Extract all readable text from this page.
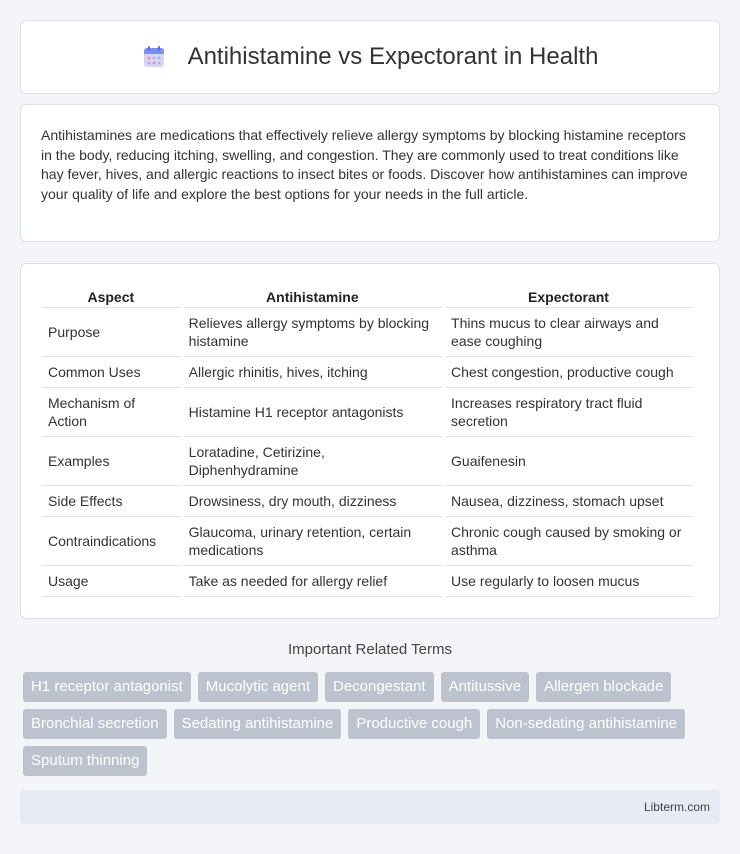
Antihistamine vs Expectorant in Health

Antihistamines are medications that effectively relieve allergy symptoms by blocking histamine receptors in the body, reducing itching, swelling, and congestion. They are commonly used to treat conditions like hay fever, hives, and allergic reactions to insect bites or foods. Discover how antihistamines can improve your quality of life and explore the best options for your needs in the full article.

Aspect	Antihistamine	Expectorant
Purpose	Relieves allergy symptoms by blocking histamine	Thins mucus to clear airways and ease coughing
Common Uses	Allergic rhinitis, hives, itching	Chest congestion, productive cough
Mechanism of Action	Histamine H1 receptor antagonists	Increases respiratory tract fluid secretion
Examples	Loratadine, Cetirizine, Diphenhydramine	Guaifenesin
Side Effects	Drowsiness, dry mouth, dizziness	Nausea, dizziness, stomach upset
Contraindications	Glaucoma, urinary retention, certain medications	Chronic cough caused by smoking or asthma
Usage	Take as needed for allergy relief	Use regularly to loosen mucus
Important Related Terms
H1 receptor antagonist	Mucolytic agent	Decongestant	Antitussive	Allergen blockade
Bronchial secretion	Sedating antihistamine	Productive cough	Non-sedating antihistamine
Sputum thinning
Libterm.com
